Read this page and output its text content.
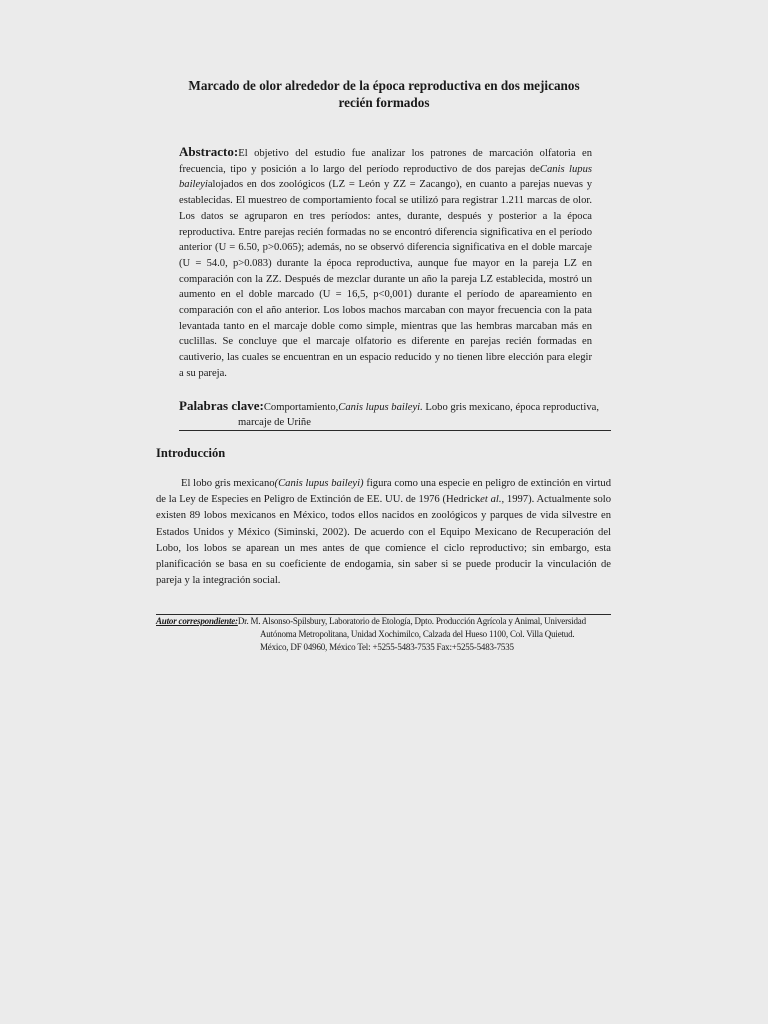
Marcado de olor alrededor de la época reproductiva en dos mejicanos recién formados
Abstracto:El objetivo del estudio fue analizar los patrones de marcación olfatoria en frecuencia, tipo y posición a lo largo del período reproductivo de dos parejas deCanis lupus baileyialojados en dos zoológicos (LZ = León y ZZ = Zacango), en cuanto a parejas nuevas y establecidas. El muestreo de comportamiento focal se utilizó para registrar 1.211 marcas de olor. Los datos se agruparon en tres períodos: antes, durante, después y posterior a la época reproductiva. Entre parejas recién formadas no se encontró diferencia significativa en el período anterior (U = 6.50, p>0.065); además, no se observó diferencia significativa en el doble marcaje (U = 54.0, p>0.083) durante la época reproductiva, aunque fue mayor en la pareja LZ en comparación con la ZZ. Después de mezclar durante un año la pareja LZ establecida, mostró un aumento en el doble marcado (U = 16,5, p<0,001) durante el período de apareamiento en comparación con el año anterior. Los lobos machos marcaban con mayor frecuencia con la pata levantada tanto en el marcaje doble como simple, mientras que las hembras marcaban más en cuclillas. Se concluye que el marcaje olfatorio es diferente en parejas recién formadas en cautiverio, las cuales se encuentran en un espacio reducido y no tienen libre elección para elegir a su pareja.
Palabras clave:Comportamiento,Canis lupus baileyi. Lobo gris mexicano, época reproductiva,
marcaje de Uriñe
Introducción
El lobo gris mexicano(Canis lupus baileyi) figura como una especie en peligro de extinción en virtud de la Ley de Especies en Peligro de Extinción de EE. UU. de 1976 (Hedricket al., 1997). Actualmente solo existen 89 lobos mexicanos en México, todos ellos nacidos en zoológicos y parques de vida silvestre en Estados Unidos y México (Siminski, 2002). De acuerdo con el Equipo Mexicano de Recuperación del Lobo, los lobos se aparean un mes antes de que comience el ciclo reproductivo; sin embargo, esta planificación se basa en su coeficiente de endogamia, sin saber si se puede producir la vinculación de pareja y la integración social.
Autor correspondiente:Dr. M. Alsonso-Spilsbury, Laboratorio de Etología, Dpto. Producción Agrícola y Animal, Universidad
Autónoma Metropolitana, Unidad Xochimilco, Calzada del Hueso 1100, Col. Villa Quietud.
México, DF 04960, México Tel: +5255-5483-7535 Fax:+5255-5483-7535
